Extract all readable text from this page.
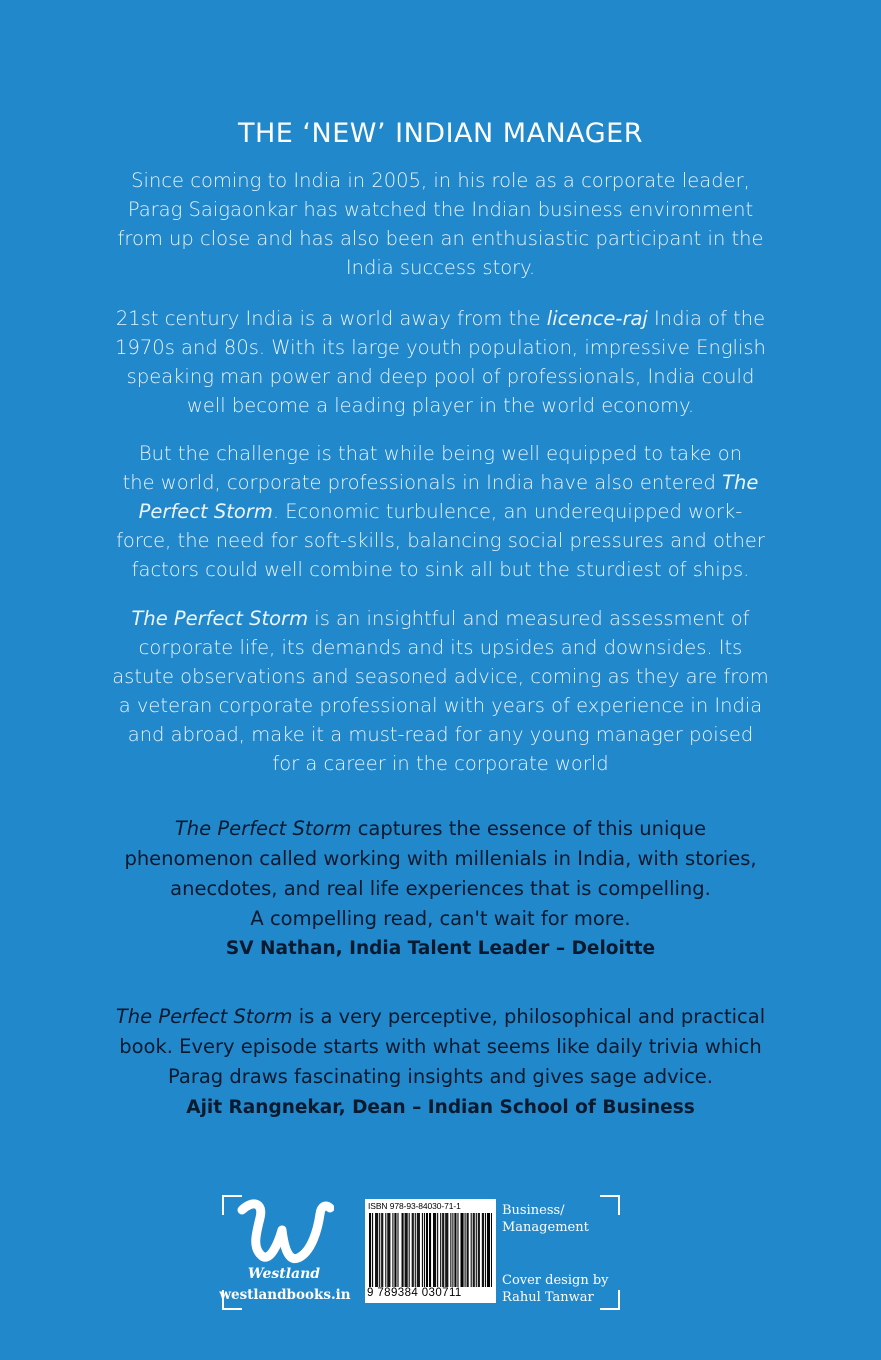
THE ‘NEW’ INDIAN MANAGER
Since coming to India in 2005, in his role as a corporate leader,
Parag Saigaonkar has watched the Indian business environment
from up close and has also been an enthusiastic participant in the
India success story.
21st century India is a world away from the licence-raj India of the
1970s and 80s. With its large youth population, impressive English
speaking man power and deep pool of professionals, India could
well become a leading player in the world economy.
But the challenge is that while being well equipped to take on
the world, corporate professionals in India have also entered The
Perfect Storm. Economic turbulence, an underequipped work-
force, the need for soft-skills, balancing social pressures and other
factors could well combine to sink all but the sturdiest of ships.
The Perfect Storm is an insightful and measured assessment of
corporate life, its demands and its upsides and downsides. Its
astute observations and seasoned advice, coming as they are from
a veteran corporate professional with years of experience in India
and abroad, make it a must-read for any young manager poised
for a career in the corporate world
The Perfect Storm captures the essence of this unique
phenomenon called working with millenials in India, with stories,
anecdotes, and real life experiences that is compelling.
A compelling read, can't wait for more.
SV Nathan, India Talent Leader – Deloitte
The Perfect Storm is a very perceptive, philosophical and practical
book. Every episode starts with what seems like daily trivia which
Parag draws fascinating insights and gives sage advice.
Ajit Rangnekar, Dean – Indian School of Business
Westland
westlandbooks.in
ISBN 978-93-84030-71-1
9 789384 030711
Business/
Management
Cover design by
Rahul Tanwar
